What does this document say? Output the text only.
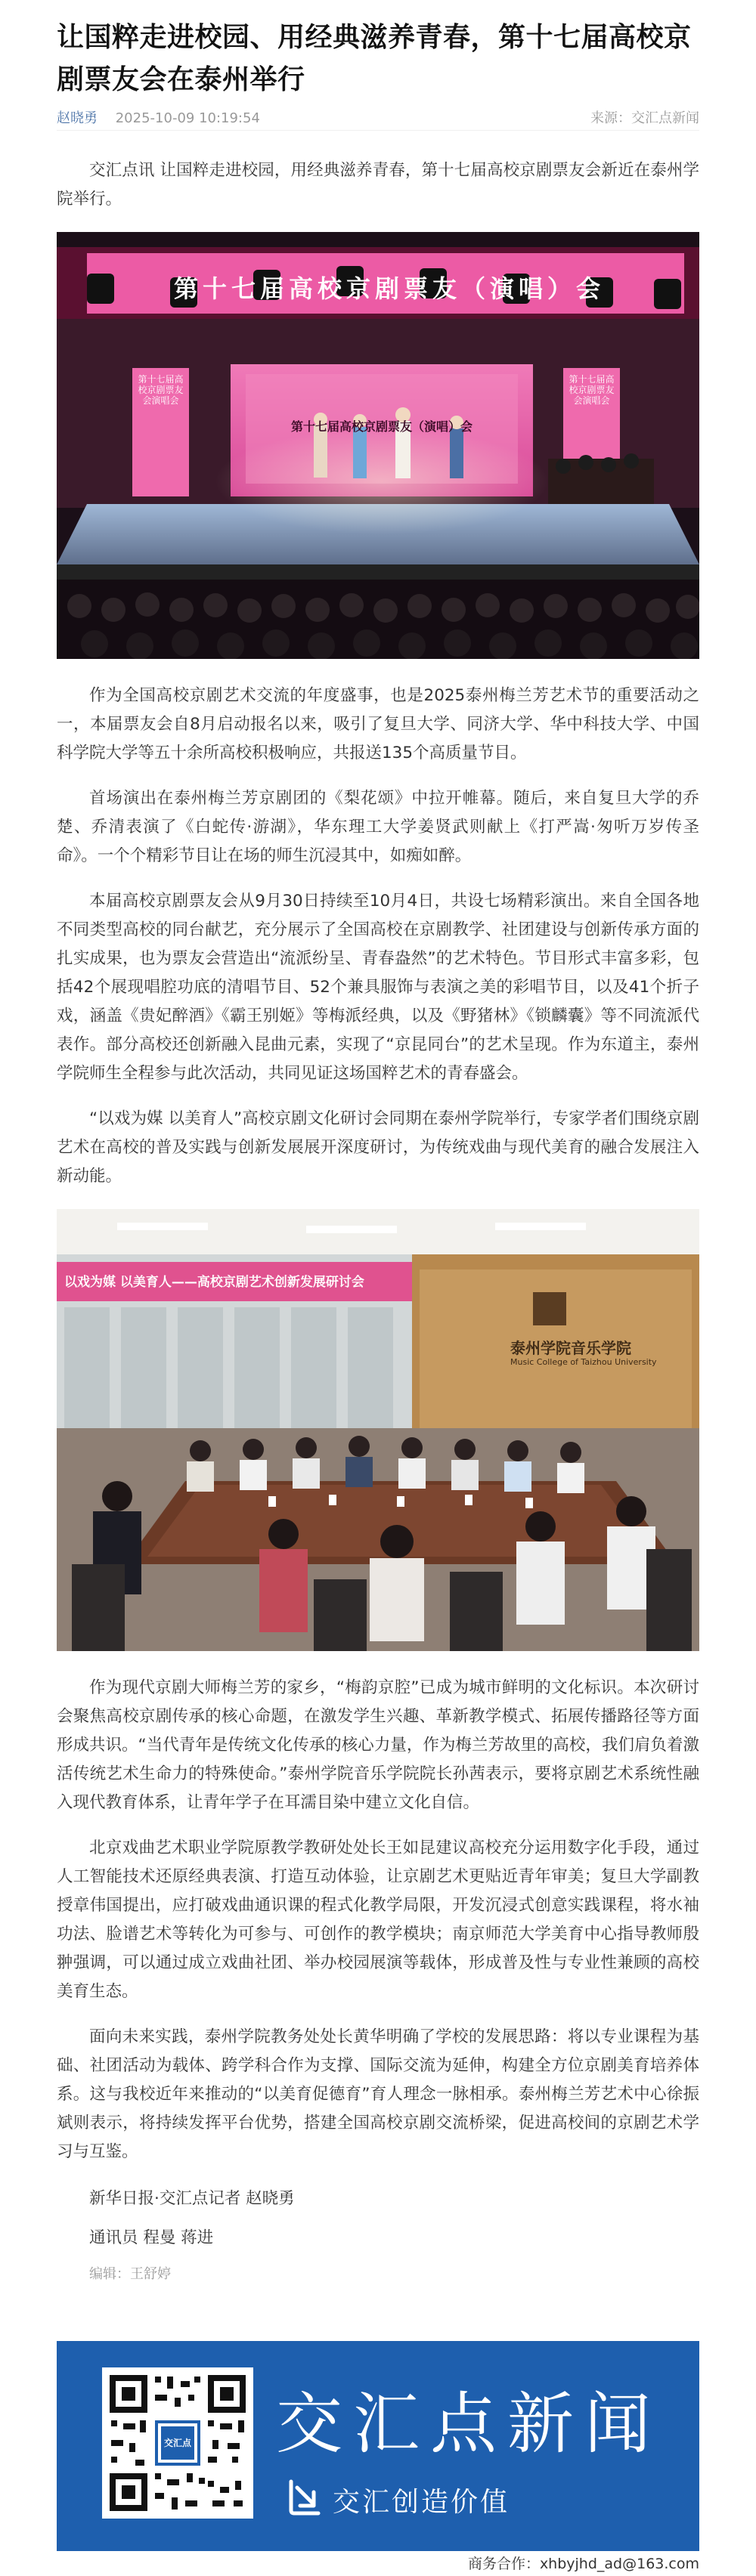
让国粹走进校园、用经典滋养青春，第十七届高校京剧票友会在泰州举行
赵晓勇 2025-10-09 10:19:54	来源：交汇点新闻

交汇点讯 让国粹走进校园，用经典滋养青春，第十七届高校京剧票友会新近在泰州学院举行。

第十七届高校京剧票友（演唱）会
第十七届高校京剧票友（演唱）会
第十七届高校京剧票友会演唱会
第十七届高校京剧票友会演唱会

作为全国高校京剧艺术交流的年度盛事，也是2025泰州梅兰芳艺术节的重要活动之一，本届票友会自8月启动报名以来，吸引了复旦大学、同济大学、华中科技大学、中国科学院大学等五十余所高校积极响应，共报送135个高质量节目。

首场演出在泰州梅兰芳京剧团的《梨花颂》中拉开帷幕。随后，来自复旦大学的乔楚、乔清表演了《白蛇传·游湖》，华东理工大学姜贤武则献上《打严嵩·匆听万岁传圣命》。一个个精彩节目让在场的师生沉浸其中，如痴如醉。

本届高校京剧票友会从9月30日持续至10月4日，共设七场精彩演出。来自全国各地不同类型高校的同台献艺，充分展示了全国高校在京剧教学、社团建设与创新传承方面的扎实成果，也为票友会营造出“流派纷呈、青春盎然”的艺术特色。节目形式丰富多彩，包括42个展现唱腔功底的清唱节目、52个兼具服饰与表演之美的彩唱节目，以及41个折子戏，涵盖《贵妃醉酒》《霸王别姬》等梅派经典，以及《野猪林》《锁麟囊》等不同流派代表作。部分高校还创新融入昆曲元素，实现了“京昆同台”的艺术呈现。作为东道主，泰州学院师生全程参与此次活动，共同见证这场国粹艺术的青春盛会。

“以戏为媒 以美育人”高校京剧文化研讨会同期在泰州学院举行，专家学者们围绕京剧艺术在高校的普及实践与创新发展展开深度研讨，为传统戏曲与现代美育的融合发展注入新动能。

以戏为媒 以美育人——高校京剧艺术创新发展研讨会
泰州学院音乐学院
Music College of Taizhou University

作为现代京剧大师梅兰芳的家乡，“梅韵京腔”已成为城市鲜明的文化标识。本次研讨会聚焦高校京剧传承的核心命题，在激发学生兴趣、革新教学模式、拓展传播路径等方面形成共识。“当代青年是传统文化传承的核心力量，作为梅兰芳故里的高校，我们肩负着激活传统艺术生命力的特殊使命。”泰州学院音乐学院院长孙茜表示，要将京剧艺术系统性融入现代教育体系，让青年学子在耳濡目染中建立文化自信。

北京戏曲艺术职业学院原教学教研处处长王如昆建议高校充分运用数字化手段，通过人工智能技术还原经典表演、打造互动体验，让京剧艺术更贴近青年审美；复旦大学副教授章伟国提出，应打破戏曲通识课的程式化教学局限，开发沉浸式创意实践课程，将水袖功法、脸谱艺术等转化为可参与、可创作的教学模块；南京师范大学美育中心指导教师殷翀强调，可以通过成立戏曲社团、举办校园展演等载体，形成普及性与专业性兼顾的高校美育生态。

面向未来实践，泰州学院教务处处长黄华明确了学校的发展思路：将以专业课程为基础、社团活动为载体、跨学科合作为支撑、国际交流为延伸，构建全方位京剧美育培养体系。这与我校近年来推动的“以美育促德育”育人理念一脉相承。泰州梅兰芳艺术中心徐振斌则表示，将持续发挥平台优势，搭建全国高校京剧交流桥梁，促进高校间的京剧艺术学习与互鉴。

新华日报·交汇点记者 赵晓勇
通讯员 程曼 蒋进
编辑：王舒婷
交汇点 交汇点新闻
交汇创造价值
商务合作：xhbyjhd_ad@163.com
